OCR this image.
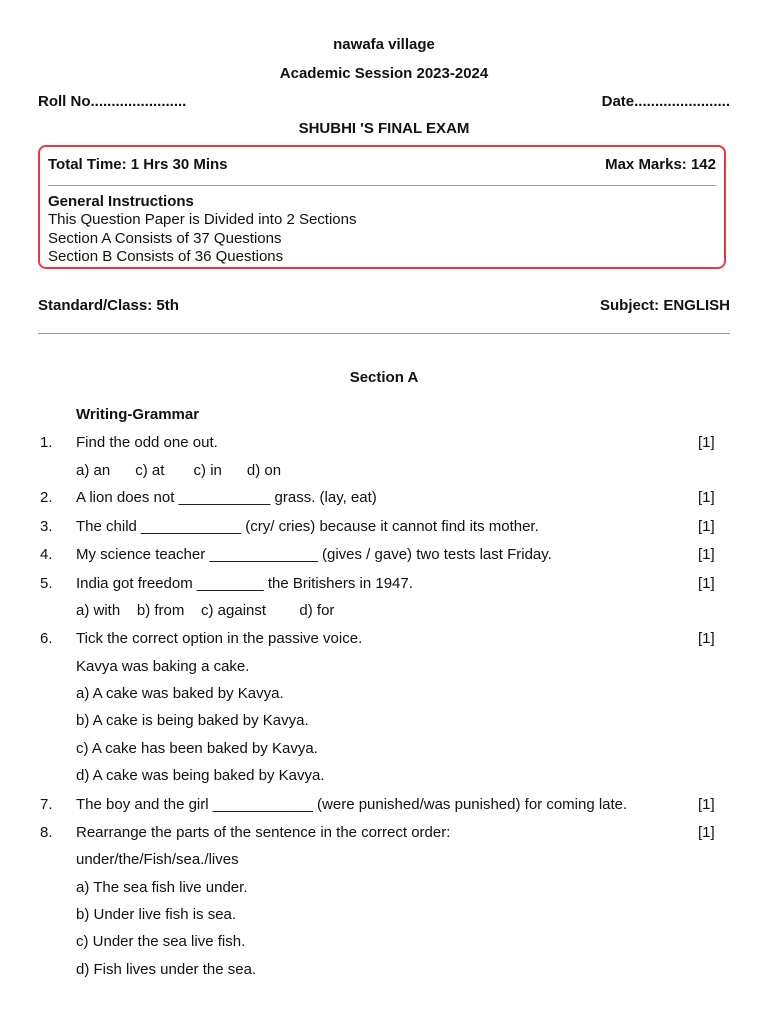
nawafa village
Academic Session 2023-2024
Roll No.......................	Date.......................
SHUBHI 'S FINAL EXAM
Total Time: 1 Hrs 30 Mins	Max Marks: 142
General Instructions
This Question Paper is Divided into 2 Sections
Section A Consists of 37 Questions
Section B Consists of 36 Questions
Standard/Class: 5th	Subject: ENGLISH
Section A
Writing-Grammar
1. Find the odd one out.	[1]
a) an      c) at       c) in      d) on
2. A lion does not ___________ grass. (lay, eat)	[1]
3. The child ____________ (cry/ cries) because it cannot find its mother.	[1]
4. My science teacher _____________ (gives / gave) two tests last Friday.	[1]
5. India got freedom ________ the Britishers in 1947.	[1]
a) with    b) from    c) against        d) for
6. Tick the correct option in the passive voice.	[1]
Kavya was baking a cake.
a) A cake was baked by Kavya.
b) A cake is being baked by Kavya.
c) A cake has been baked by Kavya.
d) A cake was being baked by Kavya.
7. The boy and the girl ____________ (were punished/was punished) for coming late.	[1]
8. Rearrange the parts of the sentence in the correct order:	[1]
under/the/Fish/sea./lives
a) The sea fish live under.
b) Under live fish is sea.
c) Under the sea live fish.
d) Fish lives under the sea.
